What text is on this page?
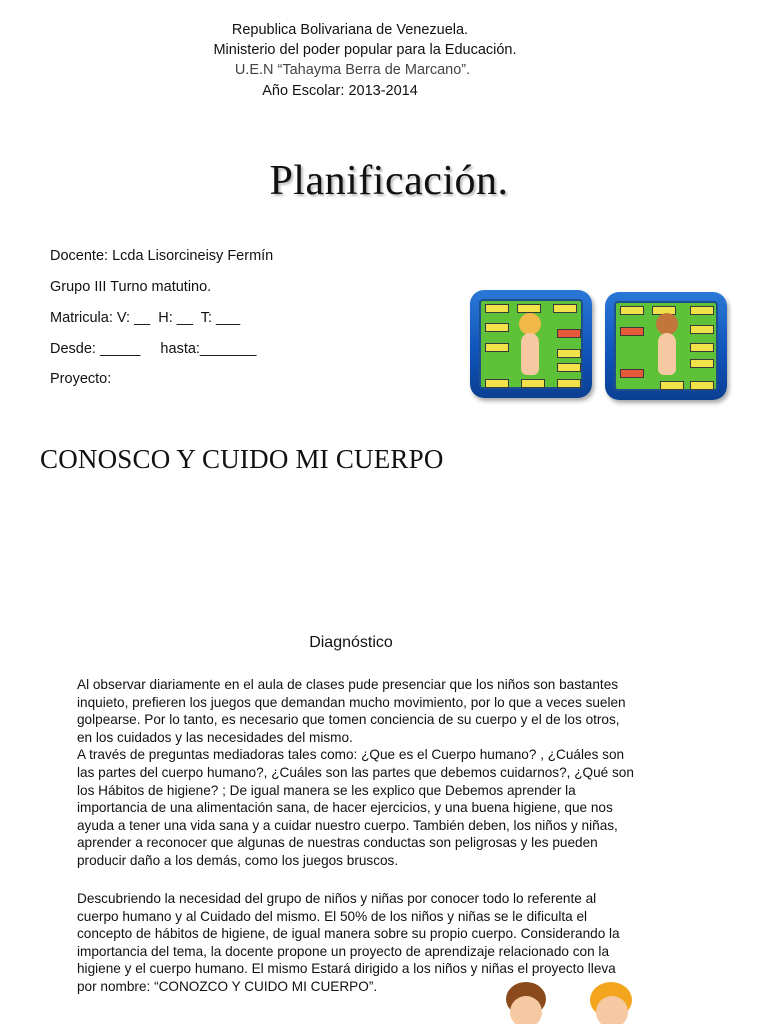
Republica Bolivariana de Venezuela.
Ministerio del poder popular para la Educación.
U.E.N “Tahayma Berra de Marcano”.
Año Escolar: 2013-2014
Planificación.
Docente: Lcda Lisorcineisy Fermín
Grupo III Turno matutino.
Matricula: V: __  H: __  T: ___
Desde: _____     hasta:_______
Proyecto:
CONOSCO Y CUIDO MI CUERPO
Diagnóstico
Al observar diariamente en el aula de clases pude presenciar que los niños son bastantes
inquieto, prefieren los juegos que demandan mucho movimiento, por lo que a veces suelen
golpearse. Por lo tanto, es necesario que tomen conciencia de su cuerpo y el de los otros,
en los cuidados y las necesidades del mismo.
A través de preguntas mediadoras tales como: ¿Que es el Cuerpo humano? , ¿Cuáles son
las partes del cuerpo humano?, ¿Cuáles son las partes que debemos cuidarnos?, ¿Qué son
los Hábitos de higiene? ; De igual manera se les explico que Debemos aprender la
importancia de una alimentación sana, de hacer ejercicios, y una buena higiene, que nos
ayuda a tener una vida sana y a cuidar nuestro cuerpo. También deben, los niños y niñas,
aprender a reconocer que algunas de nuestras conductas son peligrosas y les pueden
producir daño a los demás, como los juegos bruscos.
Descubriendo la necesidad del grupo de niños y niñas por conocer todo lo referente al
cuerpo humano y al Cuidado del mismo. El 50% de los niños y niñas se le dificulta el
concepto de hábitos de higiene, de igual manera sobre su propio cuerpo. Considerando la
importancia del tema, la docente propone un proyecto de aprendizaje relacionado con la
higiene y el cuerpo humano. El mismo Estará dirigido a los niños y niñas el proyecto lleva
por nombre: “CONOZCO Y CUIDO MI CUERPO”.
